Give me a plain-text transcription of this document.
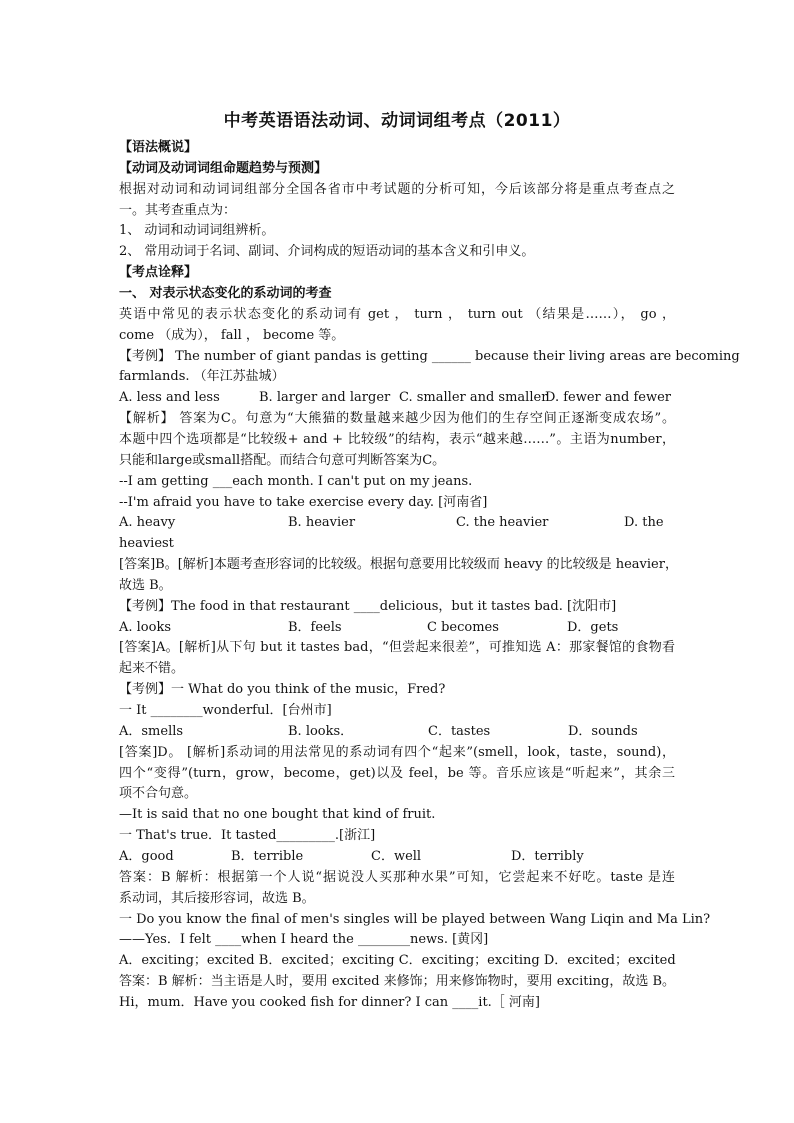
中考英语语法动词、动词词组考点（2011）
【语法概说】
【动词及动词词组命题趋势与预测】
根据对动词和动词词组部分全国各省市中考试题的分析可知，今后该部分将是重点考查点之
一。其考查重点为：
1、 动词和动词词组辨析。
2、 常用动词于名词、副词、介词构成的短语动词的基本含义和引申义。
【考点诠释】
一、 对表示状态变化的系动词的考查
英语中常见的表示状态变化的系动词有 get ， turn ， turn out （结果是……）， go ，
come （成为）， fall ， become 等。
【考例】 The number of giant pandas is getting ______ because their living areas are becoming
farmlands. （年江苏盐城）
A. less and less	B. larger and larger C. smaller and smaller
D. fewer and fewer
【解析】 答案为C。句意为“大熊猫的数量越来越少因为他们的生存空间正逐渐变成农场”。
本题中四个选项都是“比较级+ and + 比较级”的结构，表示“越来越……”。主语为number，
只能和large或small搭配。而结合句意可判断答案为C。
--I am getting ___each month. I can't put on my jeans.
--I'm afraid you have to take exercise every day. [河南省]
A. heavy	B. heavier	C. the heavier	D. the
heaviest
[答案]B。[解析]本题考查形容词的比较级。根据句意要用比较级而 heavy 的比较级是 heavier，
故选 B。
【考例】The food in that restaurant ____delicious，but it tastes bad. [沈阳市]
A. looks	B．feels	C becomes	D．gets
[答案]A。[解析]从下句 but it tastes bad，“但尝起来很差”，可推知选 A：那家餐馆的食物看
起来不错。
【考例】一 What do you think of the music，Fred?
一 It ________wonderful．[台州市]
A．smells	B. looks．	C．tastes	D．sounds
[答案]D。 [解析]系动词的用法常见的系动词有四个“起来”(smell，look，taste，sound)，
四个“变得”(turn，grow，become，get)以及 feel，be 等。音乐应该是“听起来”，其余三
项不合句意。
—It is said that no one bought that kind of fruit.
一 That's true．It tasted_________.[浙江]
A．good	B．terrible	C．well	D．terribly
答案：B 解析：根据第一个人说“据说没人买那种水果”可知，它尝起来不好吃。taste 是连
系动词，其后接形容词，故选 B。
一 Do you know the final of men's singles will be played between Wang Liqin and Ma Lin?
——Yes．I felt ____when I heard the ________news. [黄冈]
A．exciting；excited B．excited；exciting C．exciting；exciting D．excited；excited
答案：B 解析：当主语是人时，要用 excited 来修饰；用来修饰物时，要用 exciting，故选 B。
Hi，mum．Have you cooked fish for dinner? I can ____it.［ 河南]
